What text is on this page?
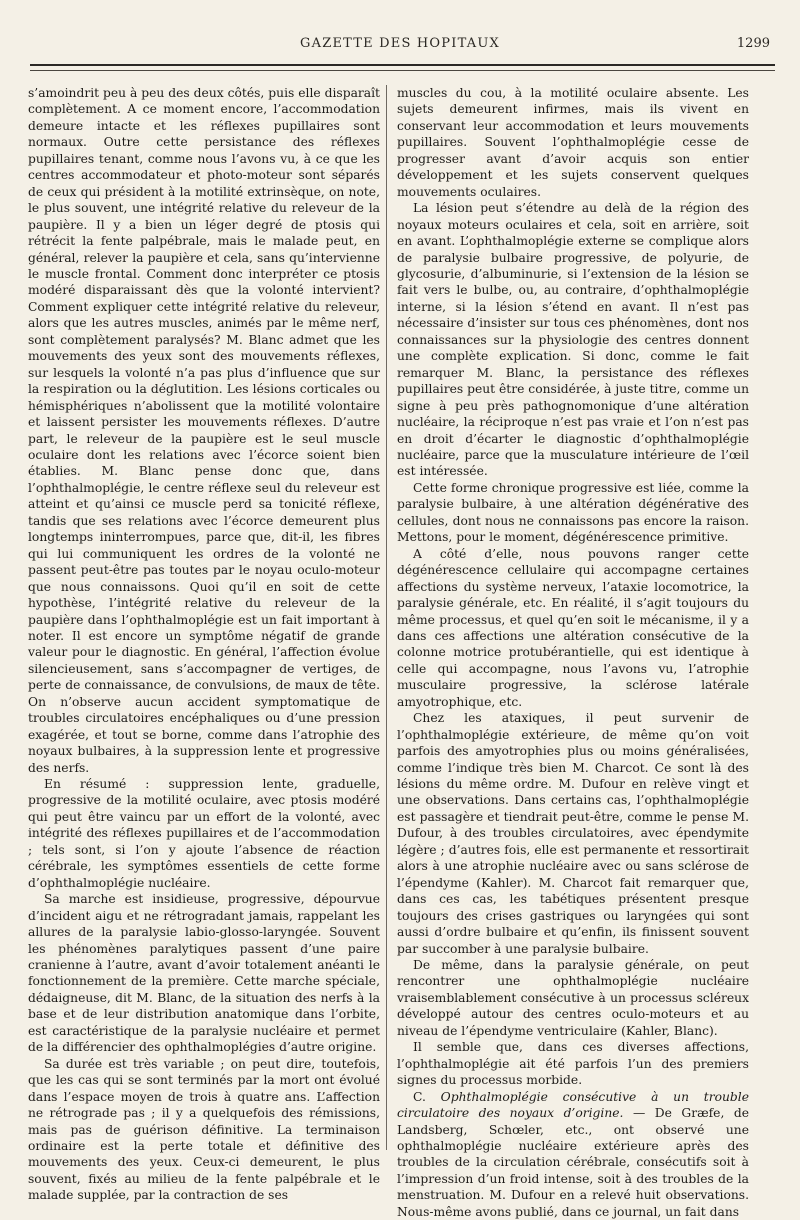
GAZETTE DES HOPITAUX	1299

s’amoindrit peu à peu des deux côtés, puis elle disparaît complètement. A ce moment encore, l’accommodation demeure intacte et les réflexes pupillaires sont normaux. Outre cette persistance des réflexes pupillaires tenant, comme nous l’avons vu, à ce que les centres accommodateur et photo-moteur sont séparés de ceux qui président à la motilité extrinsèque, on note, le plus souvent, une intégrité relative du releveur de la paupière. Il y a bien un léger degré de ptosis qui rétrécit la fente palpébrale, mais le malade peut, en général, relever la paupière et cela, sans qu’intervienne le muscle frontal. Comment donc interpréter ce ptosis modéré disparaissant dès que la volonté intervient? Comment expliquer cette intégrité relative du releveur, alors que les autres muscles, animés par le même nerf, sont complètement paralysés? M. Blanc admet que les mouvements des yeux sont des mouvements réflexes, sur lesquels la volonté n’a pas plus d’influence que sur la respiration ou la déglutition. Les lésions corticales ou hémisphériques n’abolissent que la motilité volontaire et laissent persister les mouvements réflexes. D’autre part, le releveur de la paupière est le seul muscle oculaire dont les relations avec l’écorce soient bien établies. M. Blanc pense donc que, dans l’ophthalmoplégie, le centre réflexe seul du releveur est atteint et qu’ainsi ce muscle perd sa tonicité réflexe, tandis que ses relations avec l’écorce demeurent plus longtemps ininterrompues, parce que, dit-il, les fibres qui lui communiquent les ordres de la volonté ne passent peut-être pas toutes par le noyau oculo-moteur que nous connaissons. Quoi qu’il en soit de cette hypothèse, l’intégrité relative du releveur de la paupière dans l’ophthalmoplégie est un fait important à noter. Il est encore un symptôme négatif de grande valeur pour le diagnostic. En général, l’affection évolue silencieusement, sans s’accompagner de vertiges, de perte de connaissance, de convulsions, de maux de tête. On n’observe aucun accident symptomatique de troubles circulatoires encéphaliques ou d’une pression exagérée, et tout se borne, comme dans l’atrophie des noyaux bulbaires, à la suppression lente et progressive des nerfs.

En résumé : suppression lente, graduelle, progressive de la motilité oculaire, avec ptosis modéré qui peut être vaincu par un effort de la volonté, avec intégrité des réflexes pupillaires et de l’accommodation ; tels sont, si l’on y ajoute l’absence de réaction cérébrale, les symptômes essentiels de cette forme d’ophthalmoplégie nucléaire.

Sa marche est insidieuse, progressive, dépourvue d’incident aigu et ne rétrogradant jamais, rappelant les allures de la paralysie labio-glosso-laryngée. Souvent les phénomènes paralytiques passent d’une paire cranienne à l’autre, avant d’avoir totalement anéanti le fonctionnement de la première. Cette marche spéciale, dédaigneuse, dit M. Blanc, de la situation des nerfs à la base et de leur distribution anatomique dans l’orbite, est caractéristique de la paralysie nucléaire et permet de la différencier des ophthalmoplégies d’autre origine.

Sa durée est très variable ; on peut dire, toutefois, que les cas qui se sont terminés par la mort ont évolué dans l’espace moyen de trois à quatre ans. L’affection ne rétrograde pas ; il y a quelquefois des rémissions, mais pas de guérison définitive. La terminaison ordinaire est la perte totale et définitive des mouvements des yeux. Ceux-ci demeurent, le plus souvent, fixés au milieu de la fente palpébrale et le malade supplée, par la contraction de ses

muscles du cou, à la motilité oculaire absente. Les sujets demeurent infirmes, mais ils vivent en conservant leur accommodation et leurs mouvements pupillaires. Souvent l’ophthalmoplégie cesse de progresser avant d’avoir acquis son entier développement et les sujets conservent quelques mouvements oculaires.

La lésion peut s’étendre au delà de la région des noyaux moteurs oculaires et cela, soit en arrière, soit en avant. L’ophthalmoplégie externe se complique alors de paralysie bulbaire progressive, de polyurie, de glycosurie, d’albuminurie, si l’extension de la lésion se fait vers le bulbe, ou, au contraire, d’ophthalmoplégie interne, si la lésion s’étend en avant. Il n’est pas nécessaire d’insister sur tous ces phénomènes, dont nos connaissances sur la physiologie des centres donnent une complète explication. Si donc, comme le fait remarquer M. Blanc, la persistance des réflexes pupillaires peut être considérée, à juste titre, comme un signe à peu près pathognomonique d’une altération nucléaire, la réciproque n’est pas vraie et l’on n’est pas en droit d’écarter le diagnostic d’ophthalmoplégie nucléaire, parce que la musculature intérieure de l’œil est intéressée.

Cette forme chronique progressive est liée, comme la paralysie bulbaire, à une altération dégénérative des cellules, dont nous ne connaissons pas encore la raison. Mettons, pour le moment, dégénérescence primitive.

A côté d’elle, nous pouvons ranger cette dégénérescence cellulaire qui accompagne certaines affections du système nerveux, l’ataxie locomotrice, la paralysie générale, etc. En réalité, il s’agit toujours du même processus, et quel qu’en soit le mécanisme, il y a dans ces affections une altération consécutive de la colonne motrice protubérantielle, qui est identique à celle qui accompagne, nous l’avons vu, l’atrophie musculaire progressive, la sclérose latérale amyotrophique, etc.

Chez les ataxiques, il peut survenir de l’ophthalmoplégie extérieure, de même qu’on voit parfois des amyotrophies plus ou moins généralisées, comme l’indique très bien M. Charcot. Ce sont là des lésions du même ordre. M. Dufour en relève vingt et une observations. Dans certains cas, l’ophthalmoplégie est passagère et tiendrait peut-être, comme le pense M. Dufour, à des troubles circulatoires, avec épendymite légère ; d’autres fois, elle est permanente et ressortirait alors à une atrophie nucléaire avec ou sans sclérose de l’épendyme (Kahler). M. Charcot fait remarquer que, dans ces cas, les tabétiques présentent presque toujours des crises gastriques ou laryngées qui sont aussi d’ordre bulbaire et qu’enfin, ils finissent souvent par succomber à une paralysie bulbaire.

De même, dans la paralysie générale, on peut rencontrer une ophthalmoplégie nucléaire vraisemblablement consécutive à un processus scléreux développé autour des centres oculo-moteurs et au niveau de l’épendyme ventriculaire (Kahler, Blanc).

Il semble que, dans ces diverses affections, l’ophthalmoplégie ait été parfois l’un des premiers signes du processus morbide.

C. Ophthalmoplégie consécutive à un trouble circulatoire des noyaux d’origine. — De Græfe, de Landsberg, Schœler, etc., ont observé une ophthalmoplégie nucléaire extérieure après des troubles de la circulation cérébrale, consécutifs soit à l’impression d’un froid intense, soit à des troubles de la menstruation. M. Dufour en a relevé huit observations. Nous-même avons publié, dans ce journal, un fait dans
